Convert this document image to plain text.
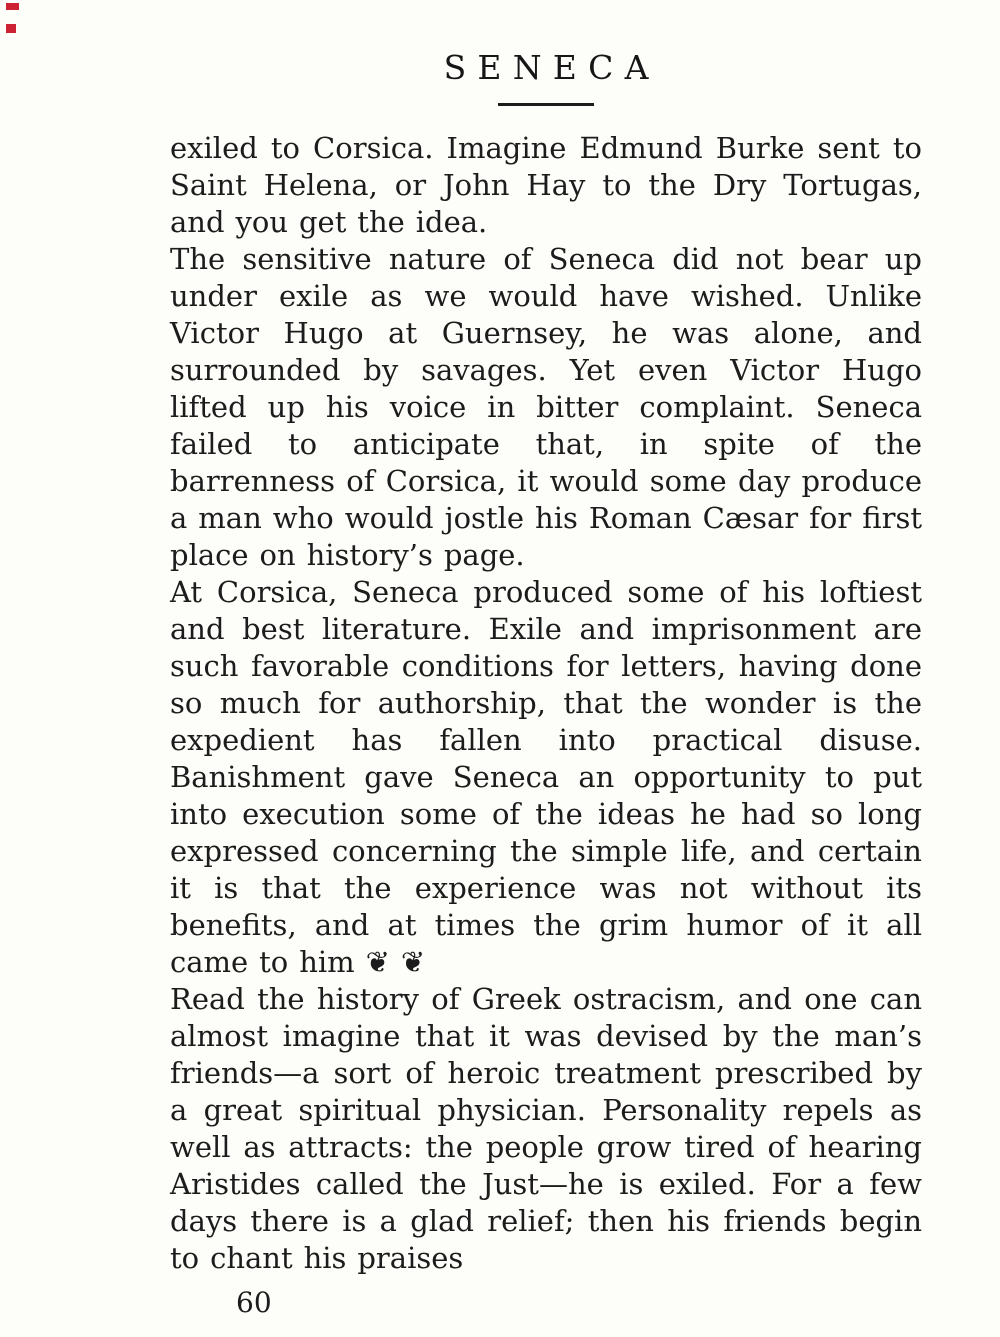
SENECA

exiled to Corsica. Imagine Edmund Burke sent to Saint Helena, or John Hay to the Dry Tortugas, and you get the idea.

The sensitive nature of Seneca did not bear up under exile as we would have wished. Unlike Victor Hugo at Guernsey, he was alone, and surrounded by savages. Yet even Victor Hugo lifted up his voice in bitter complaint. Seneca failed to anticipate that, in spite of the barrenness of Corsica, it would some day produce a man who would jostle his Roman Cæsar for first place on history’s page.

At Corsica, Seneca produced some of his loftiest and best literature. Exile and imprisonment are such favorable conditions for letters, having done so much for authorship, that the wonder is the expedient has fallen into practical disuse. Banishment gave Seneca an opportunity to put into execution some of the ideas he had so long expressed concerning the simple life, and certain it is that the experience was not without its benefits, and at times the grim humor of it all came to him ❦ ❦

Read the history of Greek ostracism, and one can almost imagine that it was devised by the man’s friends—a sort of heroic treatment prescribed by a great spiritual physician. Personality repels as well as attracts: the people grow tired of hearing Aristides called the Just—he is exiled. For a few days there is a glad relief; then his friends begin to chant his praises

60
